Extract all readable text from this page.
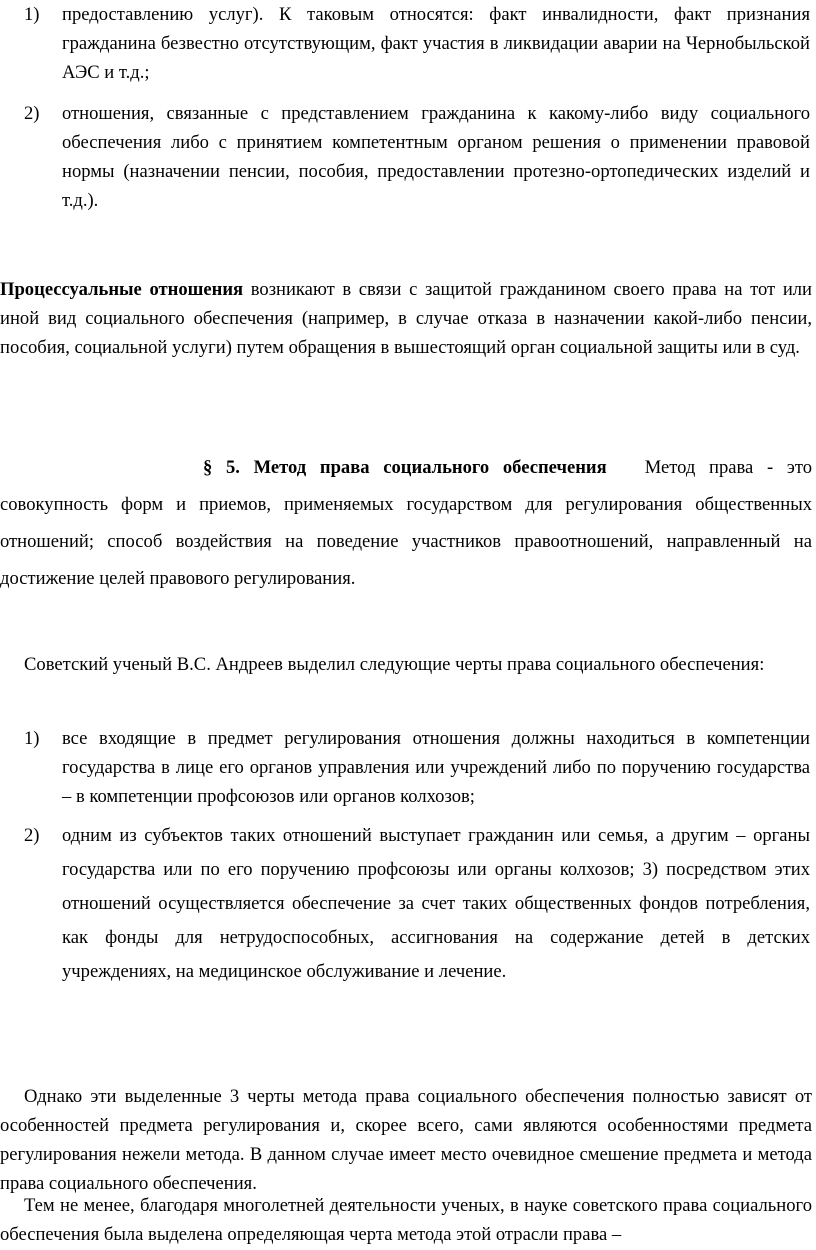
1)	предоставлению услуг). К таковым относятся: факт инвалидности, факт признания гражданина безвестно отсутствующим, факт участия в ликвидации аварии на Чернобыльской АЭС и т.д.;
2)	отношения, связанные с представлением гражданина к какому-либо виду социального обеспечения либо с принятием компетентным органом решения о применении правовой нормы (назначении пенсии, пособия, предоставлении протезно-ортопедических изделий и т.д.).
Процессуальные отношения возникают в связи с защитой гражданином своего права на тот или иной вид социального обеспечения (например, в случае отказа в назначении какой-либо пенсии, пособия, социальной услуги) путем обращения в вышестоящий орган социальной защиты или в суд.
§ 5. Метод права социального обеспечения Метод права - это совокупность форм и приемов, применяемых государством для регулирования общественных отношений; способ воздействия на поведение участников правоотношений, направленный на достижение целей правового регулирования.
Советский ученый В.С. Андреев выделил следующие черты права социального обеспечения:
1)	все входящие в предмет регулирования отношения должны находиться в компетенции государства в лице его органов управления или учреждений либо по поручению государства – в компетенции профсоюзов или органов колхозов;
2)	одним из субъектов таких отношений выступает гражданин или семья, а другим – органы государства или по его поручению профсоюзы или органы колхозов; 3) посредством этих отношений осуществляется обеспечение за счет таких общественных фондов потребления, как фонды для нетрудоспособных, ассигнования на содержание детей в детских учреждениях, на медицинское обслуживание и лечение.
Однако эти выделенные 3 черты метода права социального обеспечения полностью зависят от особенностей предмета регулирования и, скорее всего, сами являются особенностями предмета регулирования нежели метода. В данном случае имеет место очевидное смешение предмета и метода права социального обеспечения.
Тем не менее, благодаря многолетней деятельности ученых, в науке советского права социального обеспечения была выделена определяющая черта метода этой отрасли права –
